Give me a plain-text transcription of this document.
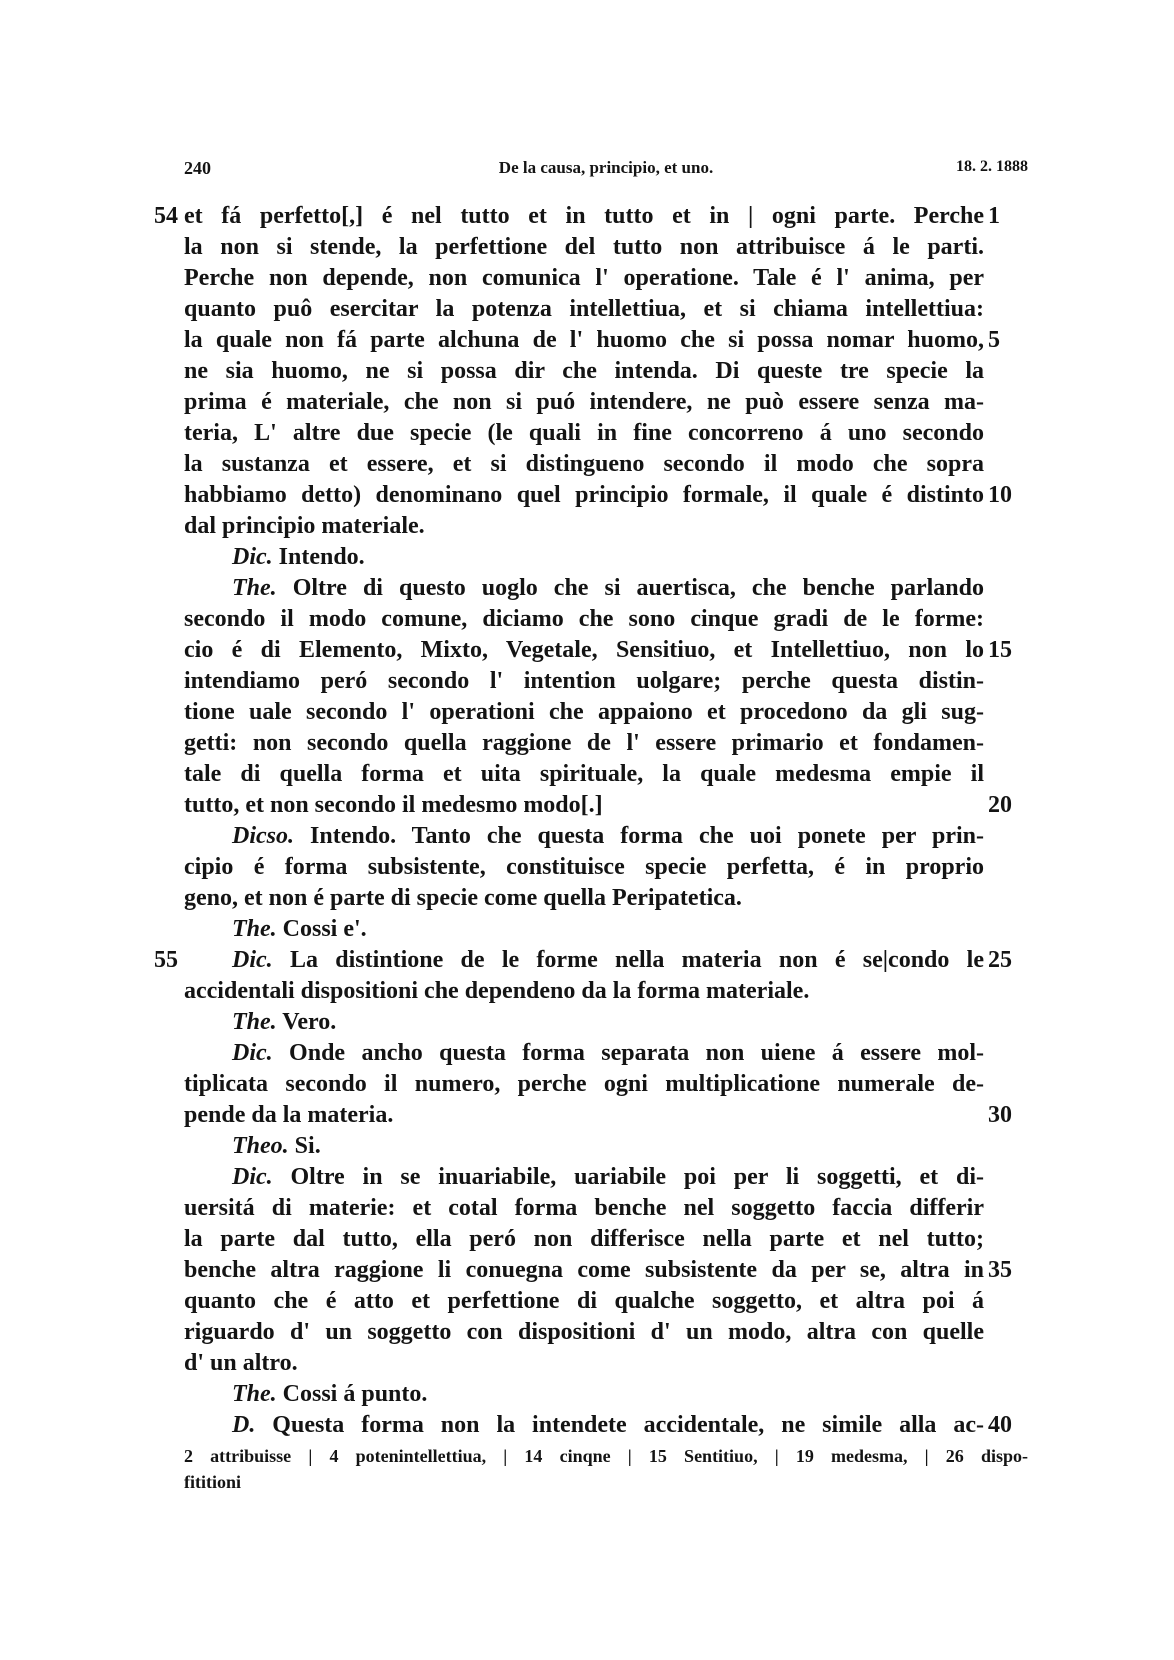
240	De la causa, principio, et uno.	18. 2. 1888
54 et fá perfetto[,] é nel tutto et in tutto et in | ogni parte. Perche 1
la non si stende, la perfettione del tutto non attribuisce á le parti.
Perche non depende, non comunica l' operatione. Tale é l' anima, per
quanto puô esercitar la potenza intellettiua, et si chiama intellettiua:
la quale non fá parte alchuna de l' huomo che si possa nomar huomo, 5
ne sia huomo, ne si possa dir che intenda. Di queste tre specie la
prima é materiale, che non si puó intendere, ne può essere senza ma-
teria, L' altre due specie (le quali in fine concorreno á uno secondo
la sustanza et essere, et si distingueno secondo il modo che sopra
habbiamo detto) denominano quel principio formale, il quale é distinto 10
dal principio materiale.
Dic. Intendo.
The. Oltre di questo uoglo che si auertisca, che benche parlando
secondo il modo comune, diciamo che sono cinque gradi de le forme:
cio é di Elemento, Mixto, Vegetale, Sensitiuo, et Intellettiuo, non lo 15
intendiamo peró secondo l' intention uolgare; perche questa distin-
tione uale secondo l' operationi che appaiono et procedono da gli sug-
getti: non secondo quella raggione de l' essere primario et fondamen-
tale di quella forma et uita spirituale, la quale medesma empie il
tutto, et non secondo il medesmo modo[.]	20
Dicso. Intendo. Tanto che questa forma che uoi ponete per prin-
cipio é forma subsistente, constituisce specie perfetta, é in proprio
geno, et non é parte di specie come quella Peripatetica.
The. Cossi e'.
55 Dic. La distintione de le forme nella materia non é se|condo le 25
accidentali dispositioni che dependeno da la forma materiale.
The. Vero.
Dic. Onde ancho questa forma separata non uiene á essere mol-
tiplicata secondo il numero, perche ogni multiplicatione numerale de-
pende da la materia.	30
Theo. Si.
Dic. Oltre in se inuariabile, uariabile poi per li soggetti, et di-
uersitá di materie: et cotal forma benche nel soggetto faccia differir
la parte dal tutto, ella peró non differisce nella parte et nel tutto;
benche altra raggione li conuegna come subsistente da per se, altra in 35
quanto che é atto et perfettione di qualche soggetto, et altra poi á
riguardo d' un soggetto con dispositioni d' un modo, altra con quelle
d' un altro.
The. Cossi á punto.
D. Questa forma non la intendete accidentale, ne simile alla ac- 40
2 attribuisse | 4 potenintellettiua, | 14 cinqne | 15 Sentitiuo, | 19 medesma, | 26 dispo-
fititioni
